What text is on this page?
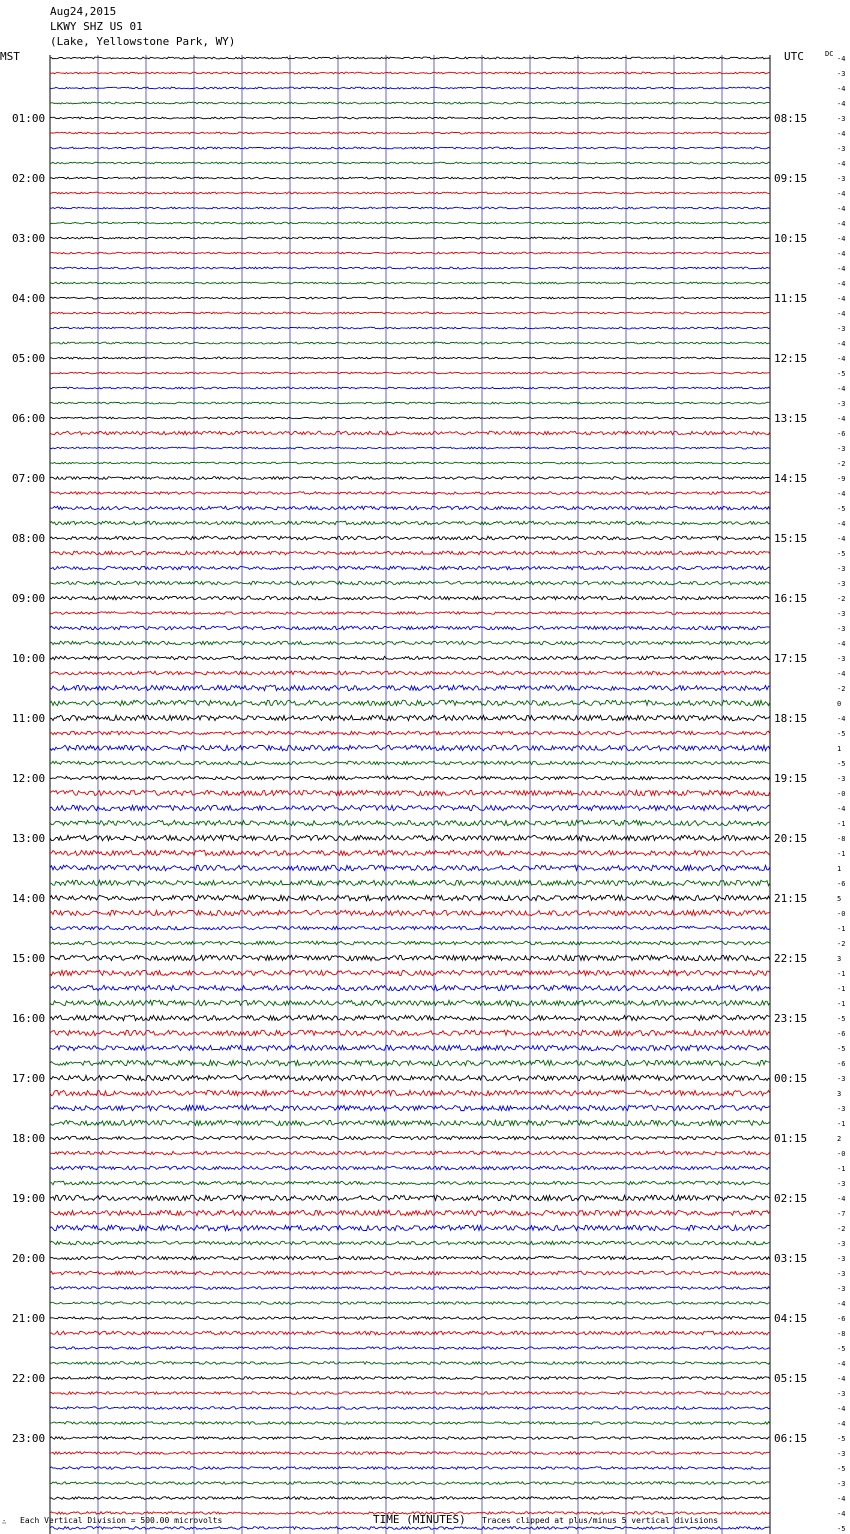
Aug24,2015
LKWY SHZ US 01
(Lake, Yellowstone Park, WY)
01:00
02:00
03:00
04:00
05:00
06:00
07:00
08:00
09:00
10:00
11:00
12:00
13:00
14:00
15:00
16:00
17:00
18:00
19:00
20:00
21:00
22:00
23:00
08:15
09:15
10:15
11:15
12:15
13:15
14:15
15:15
16:15
17:15
18:15
19:15
20:15
21:15
22:15
23:15
00:15
01:15
02:15
03:15
04:15
05:15
06:15
-4
-3
-4
-4
-3
-4
-3
-4
-3
-4
-4
-4
-4
-4
-4
-4
-4
-4
-3
-4
-4
-5
-4
-3
-4
-6
-3
-2
-9
-4
-5
-4
-4
-5
-3
-3
-2
-3
-3
-4
-3
-4
-2
0
-4
-5
1
-5
-3
-0
-4
-1
-8
-1
1
-6
5
-0
-1
-2
3
-1
-1
-1
-5
-6
-5
-6
-3
3
-3
-1
2
-0
-1
-3
-4
-7
-2
-3
-3
-3
-3
-4
-6
-8
-5
-4
-4
-3
-4
-4
-5
-3
-5
-3
-4
-4
-5
MST	UTC	DC
∴ Each Vertical Division = 500.00 microvolts	TIME (MINUTES) Traces clipped at plus/minus 5 vertical divisions
